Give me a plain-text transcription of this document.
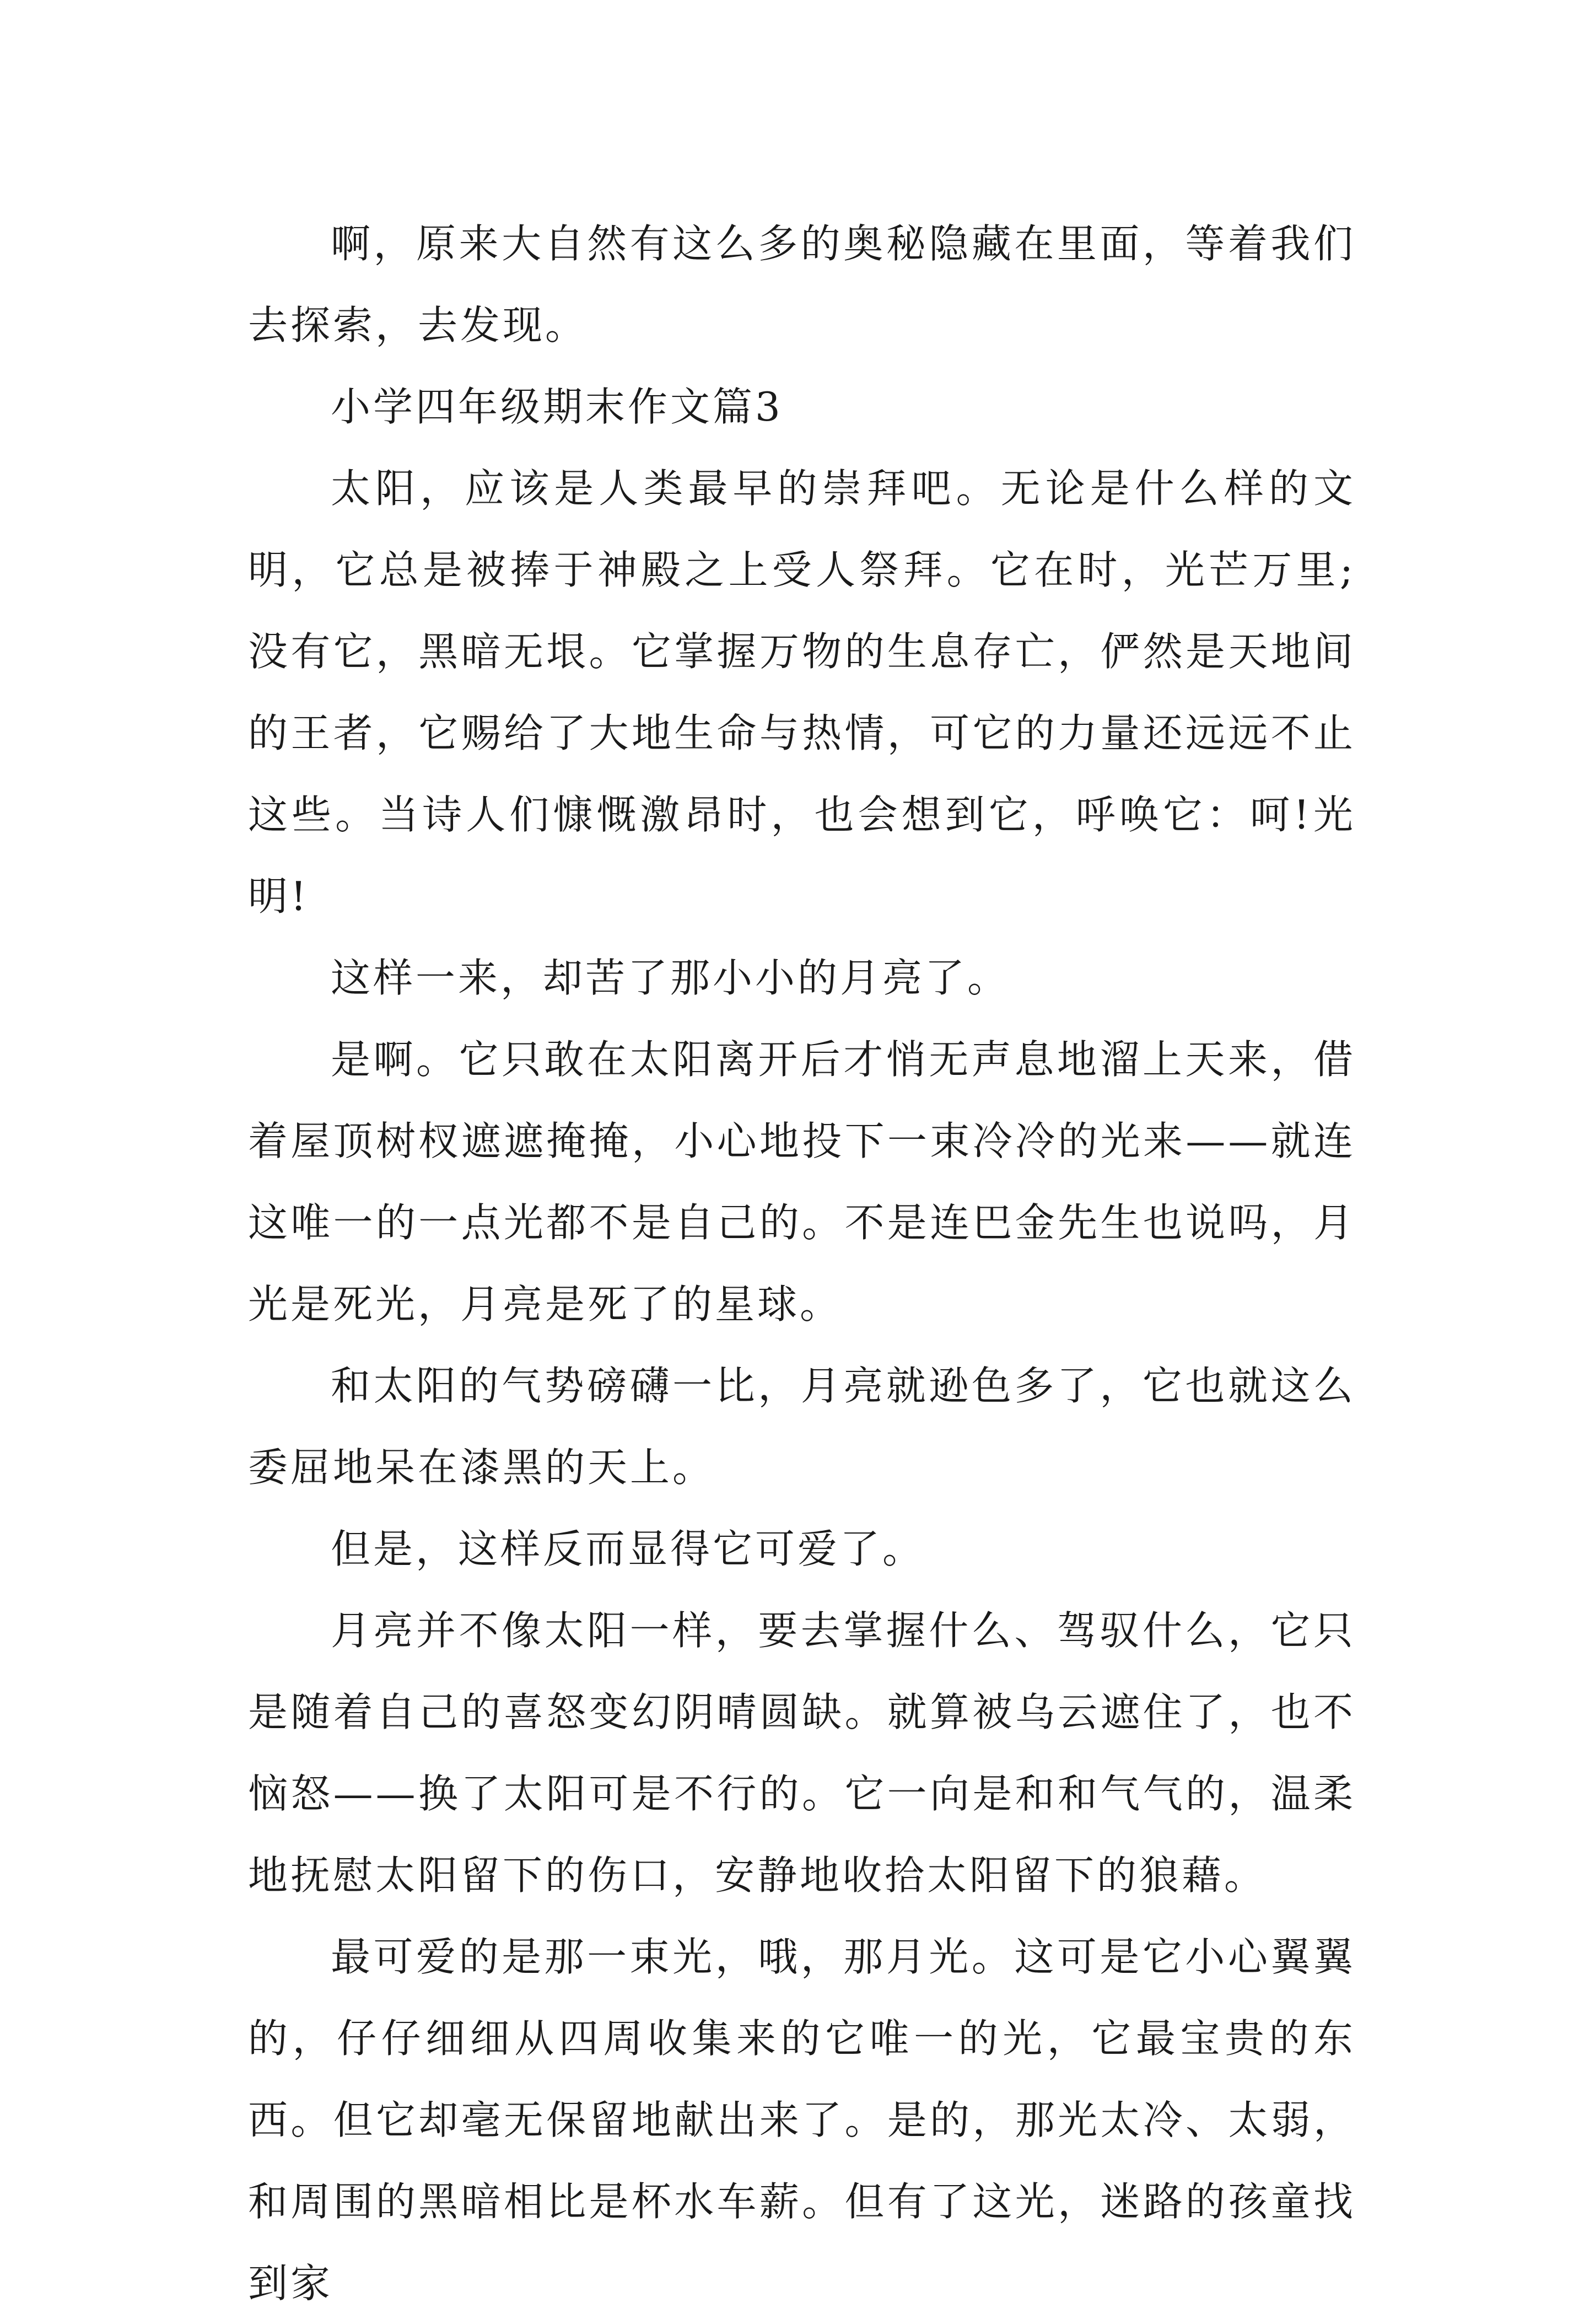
啊，原来大自然有这么多的奥秘隐藏在里面，等着我们去探索，去发现。

小学四年级期末作文篇3

太阳，应该是人类最早的崇拜吧。无论是什么样的文明，它总是被捧于神殿之上受人祭拜。它在时，光芒万里;没有它，黑暗无垠。它掌握万物的生息存亡，俨然是天地间的王者，它赐给了大地生命与热情，可它的力量还远远不止这些。当诗人们慷慨激昂时，也会想到它，呼唤它：呵!光明!

这样一来，却苦了那小小的月亮了。

是啊。它只敢在太阳离开后才悄无声息地溜上天来，借着屋顶树杈遮遮掩掩，小心地投下一束冷冷的光来——就连这唯一的一点光都不是自己的。不是连巴金先生也说吗，月光是死光，月亮是死了的星球。

和太阳的气势磅礴一比，月亮就逊色多了，它也就这么委屈地呆在漆黑的天上。

但是，这样反而显得它可爱了。

月亮并不像太阳一样，要去掌握什么、驾驭什么，它只是随着自己的喜怒变幻阴晴圆缺。就算被乌云遮住了，也不恼怒——换了太阳可是不行的。它一向是和和气气的，温柔地抚慰太阳留下的伤口，安静地收拾太阳留下的狼藉。

最可爱的是那一束光，哦，那月光。这可是它小心翼翼的，仔仔细细从四周收集来的它唯一的光，它最宝贵的东西。但它却毫无保留地献出来了。是的，那光太冷、太弱，和周围的黑暗相比是杯水车薪。但有了这光，迷路的孩童找到家
